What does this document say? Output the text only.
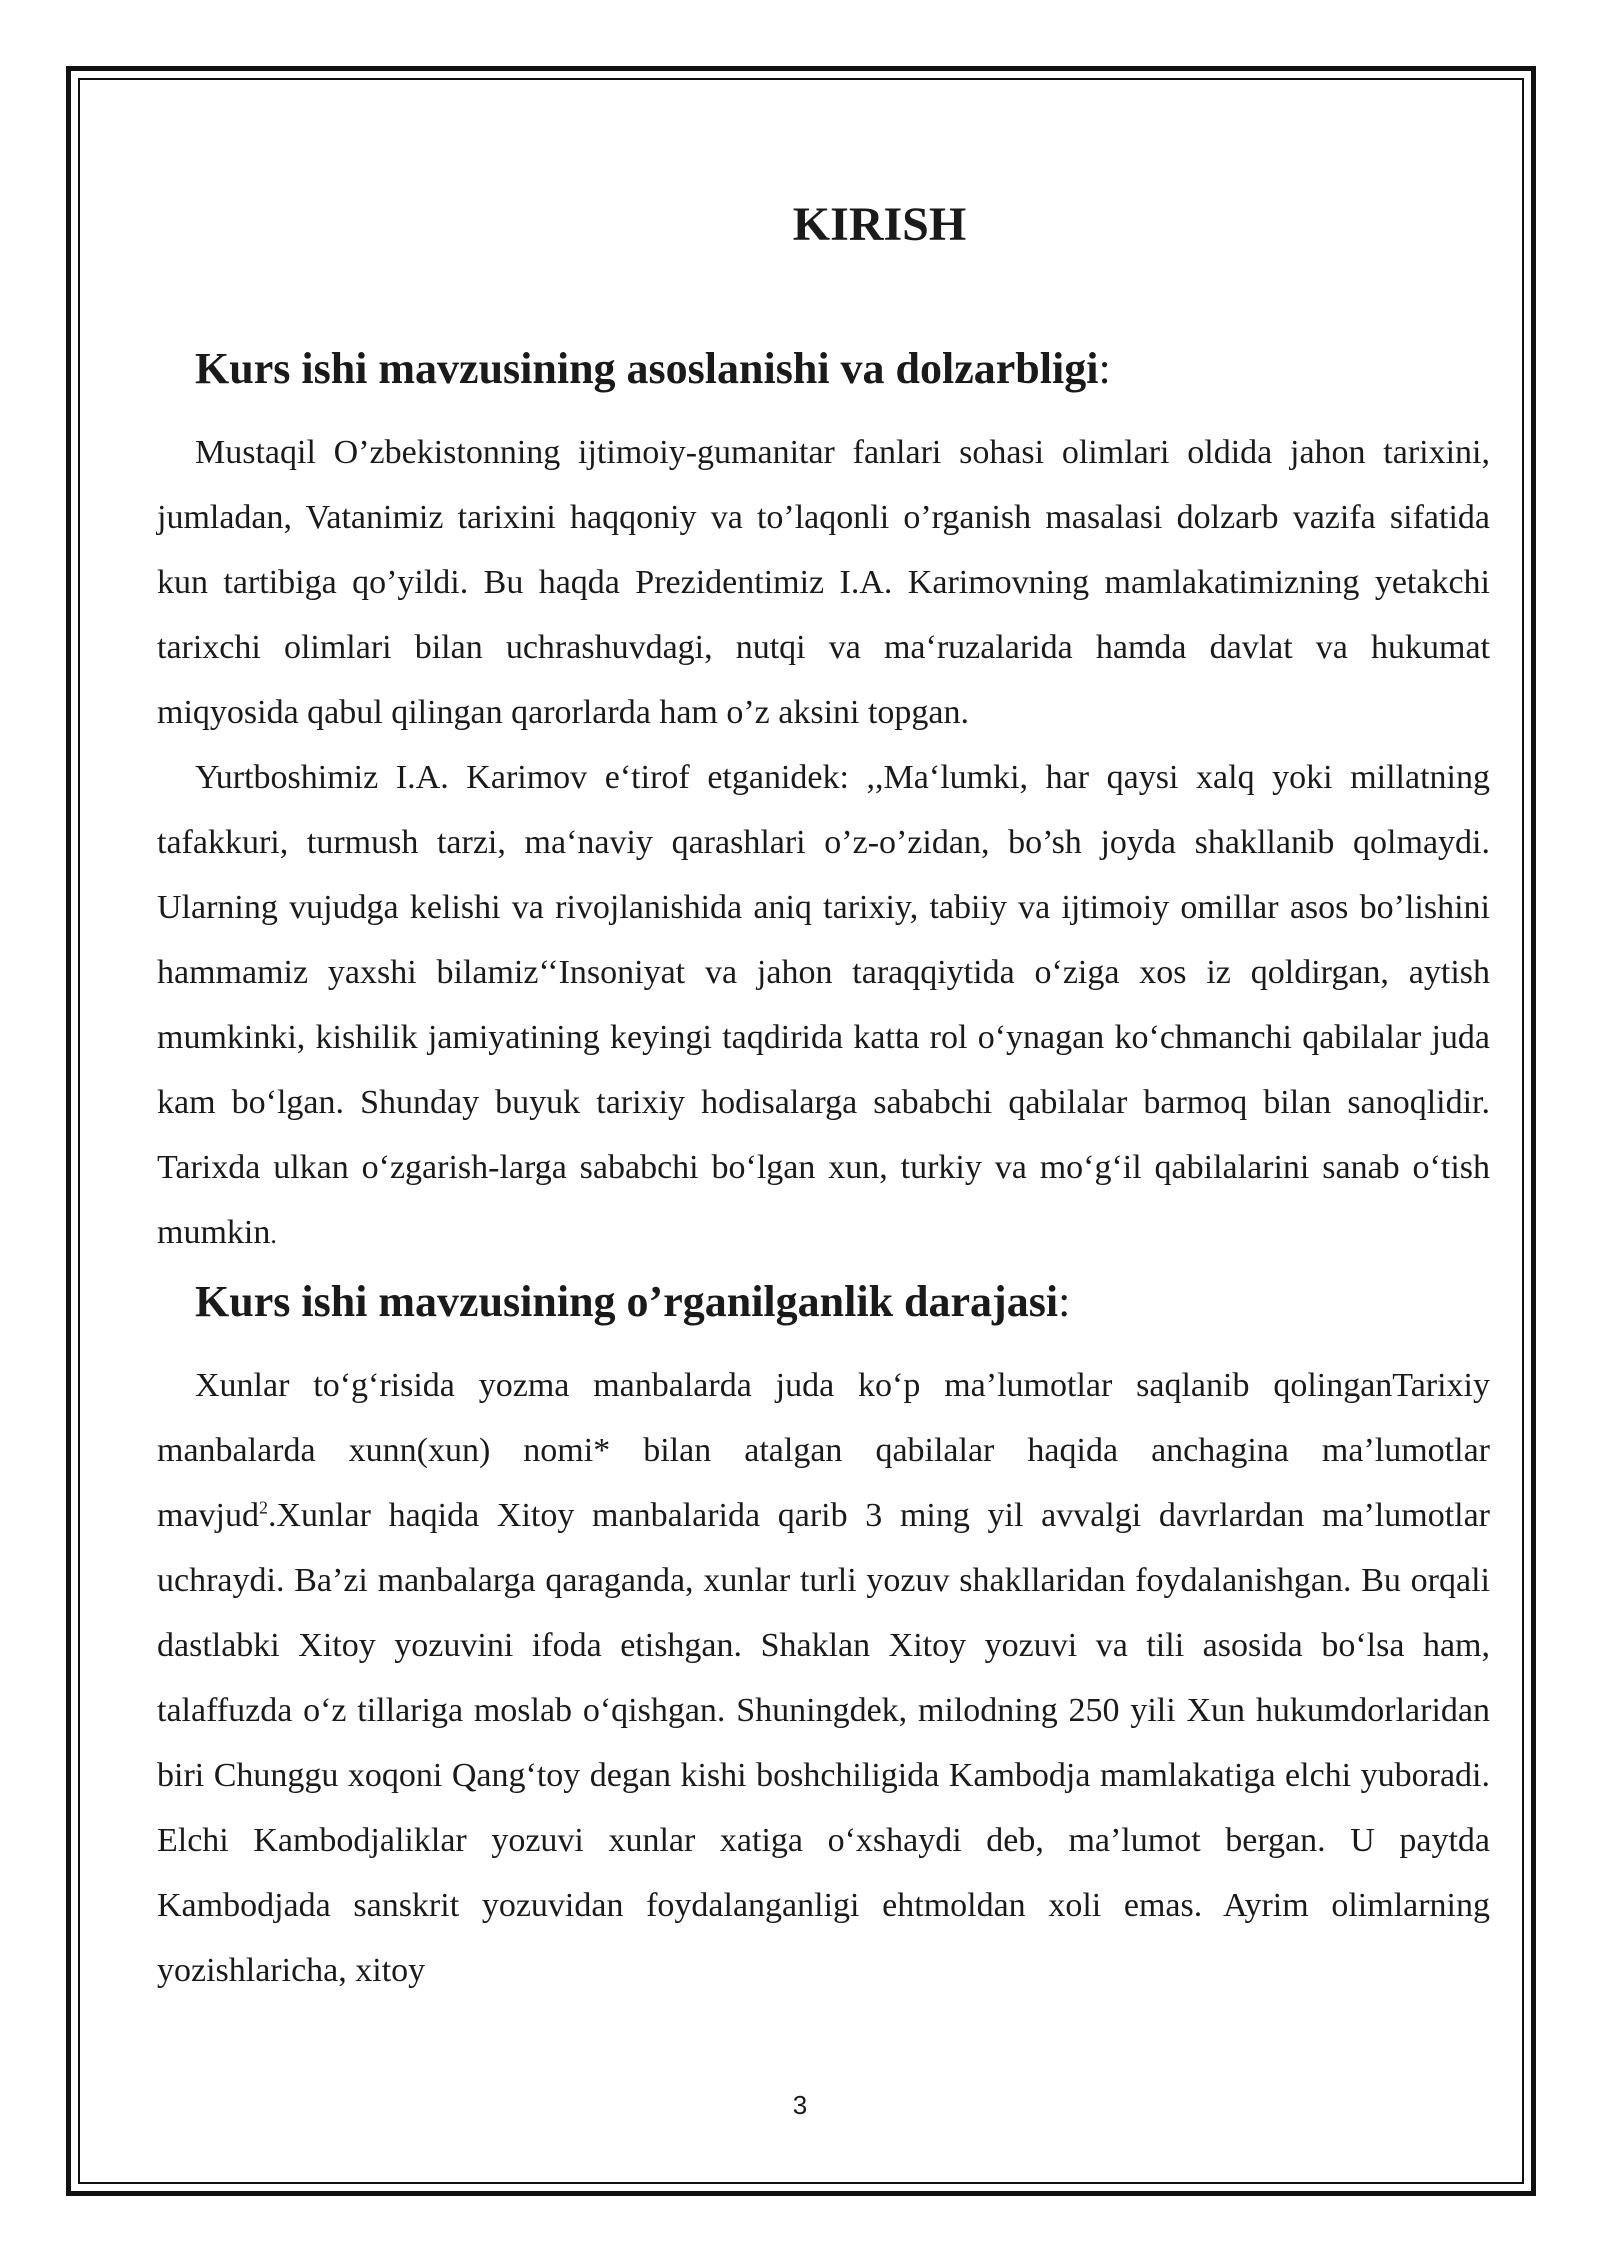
KIRISH
Kurs ishi mavzusining asoslanishi va dolzarbligi:

Mustaqil O’zbekistonning ijtimoiy-gumanitar fanlari sohasi olimlari oldida jahon tarixini, jumladan, Vatanimiz tarixini haqqoniy va to’laqonli o’rganish masalasi dolzarb vazifa sifatida kun tartibiga qo’yildi. Bu haqda Prezidentimiz I.A. Karimovning mamlakatimizning yetakchi tarixchi olimlari bilan uchrashuvdagi, nutqi va ma‘ruzalarida hamda davlat va hukumat miqyosida qabul qilingan qarorlarda ham o’z aksini topgan.

Yurtboshimiz I.A. Karimov e‘tirof etganidek: ,,Ma‘lumki, har qaysi xalq yoki millatning tafakkuri, turmush tarzi, ma‘naviy qarashlari o’z-o’zidan, bo’sh joyda shakllanib qolmaydi. Ularning vujudga kelishi va rivojlanishida aniq tarixiy, tabiiy va ijtimoiy omillar asos bo’lishini hammamiz yaxshi bilamiz‘‘Insoniyat va jahon taraqqiytida o‘ziga xos iz qoldirgan, aytish mumkinki, kishilik jamiyatining keyingi taqdirida katta rol o‘ynagan ko‘chmanchi qabilalar juda kam bo‘lgan. Shunday buyuk tarixiy hodisalarga sababchi qabilalar barmoq bilan sanoqlidir. Tarixda ulkan o‘zgarish-larga sababchi bo‘lgan xun, turkiy va mo‘g‘il qabilalarini sanab o‘tish mumkin.

Kurs ishi mavzusining o’rganilganlik darajasi:

Xunlar to‘g‘risida yozma manbalarda juda ko‘p ma’lumotlar saqlanib qolinganTarixiy manbalarda xunn(xun) nomi* bilan atalgan qabilalar haqida anchagina ma’lumotlar mavjud$^2$.Xunlar haqida Xitoy manbalarida qarib 3 ming yil avvalgi davrlardan ma’lumotlar uchraydi. Ba’zi manbalarga qaraganda, xunlar turli yozuv shakllaridan foydalanishgan. Bu orqali dastlabki Xitoy yozuvini ifoda etishgan. Shaklan Xitoy yozuvi va tili asosida bo‘lsa ham, talaffuzda o‘z tillariga moslab o‘qishgan. Shuningdek, milodning 250 yili Xun hukumdorlaridan biri Chunggu xoqoni Qang‘toy degan kishi boshchiligida Kambodja mamlakatiga elchi yuboradi. Elchi Kambodjaliklar yozuvi xunlar xatiga o‘xshaydi deb, ma’lumot bergan. U paytda Kambodjada sanskrit yozuvidan foydalanganligi ehtmoldan xoli emas. Ayrim olimlarning yozishlaricha, xitoy

3
